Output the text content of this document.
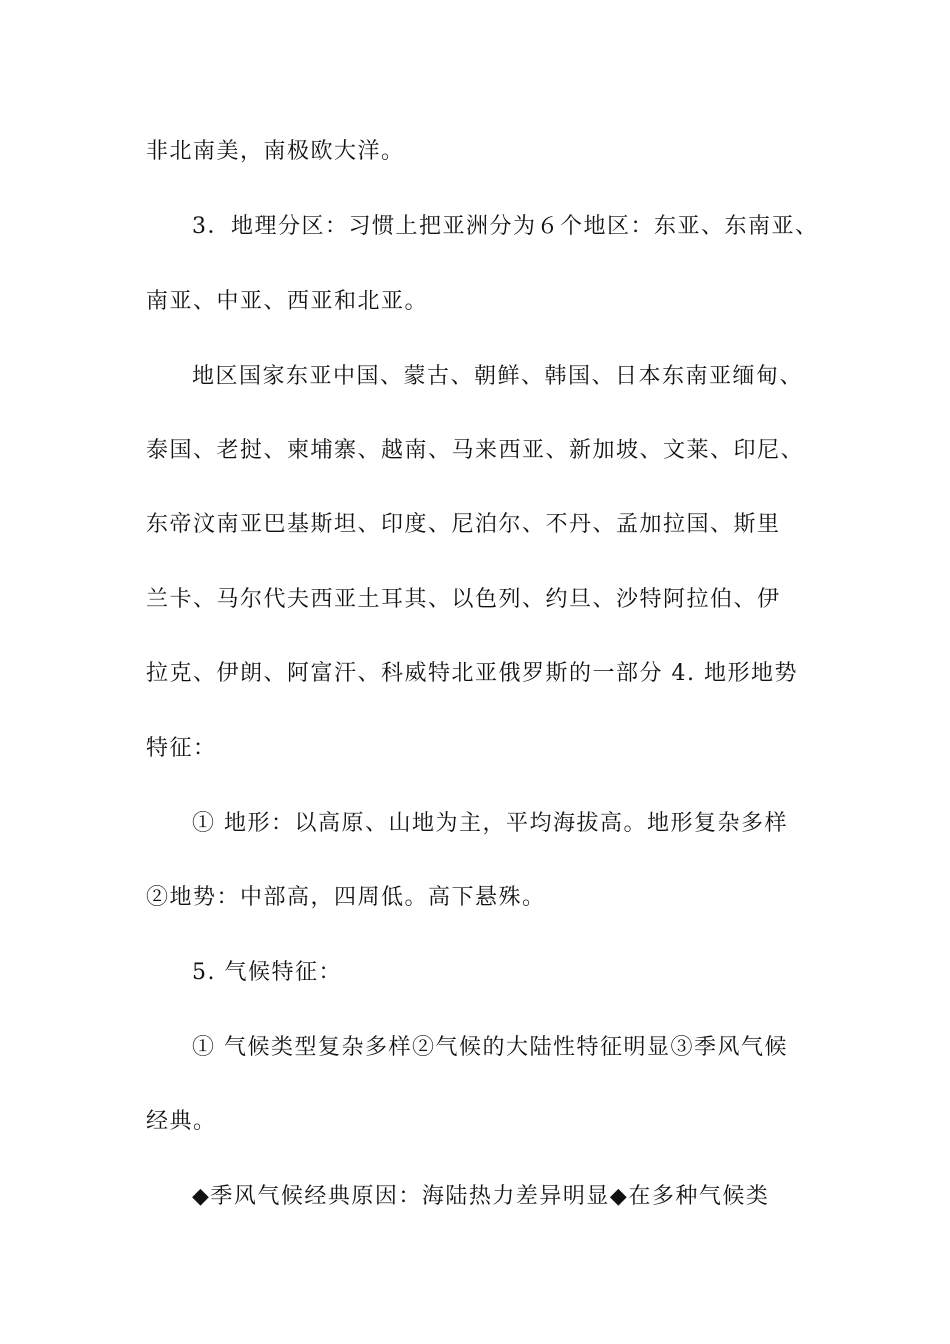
非北南美，南极欧大洋。
3．地理分区：习惯上把亚洲分为６个地区：东亚、东南亚、
南亚、中亚、西亚和北亚。
地区国家东亚中国、蒙古、朝鲜、韩国、日本东南亚缅甸、
泰国、老挝、柬埔寨、越南、马来西亚、新加坡、文莱、印尼、
东帝汶南亚巴基斯坦、印度、尼泊尔、不丹、孟加拉国、斯里
兰卡、马尔代夫西亚土耳其、以色列、约旦、沙特阿拉伯、伊
拉克、伊朗、阿富汗、科威特北亚俄罗斯的一部分 4. 地形地势
特征：
① 地形：以高原、山地为主，平均海拔高。地形复杂多样
②地势：中部高，四周低。高下悬殊。
5. 气候特征：
① 气候类型复杂多样②气候的大陆性特征明显③季风气候
经典。
◆季风气候经典原因：海陆热力差异明显◆在多种气候类
